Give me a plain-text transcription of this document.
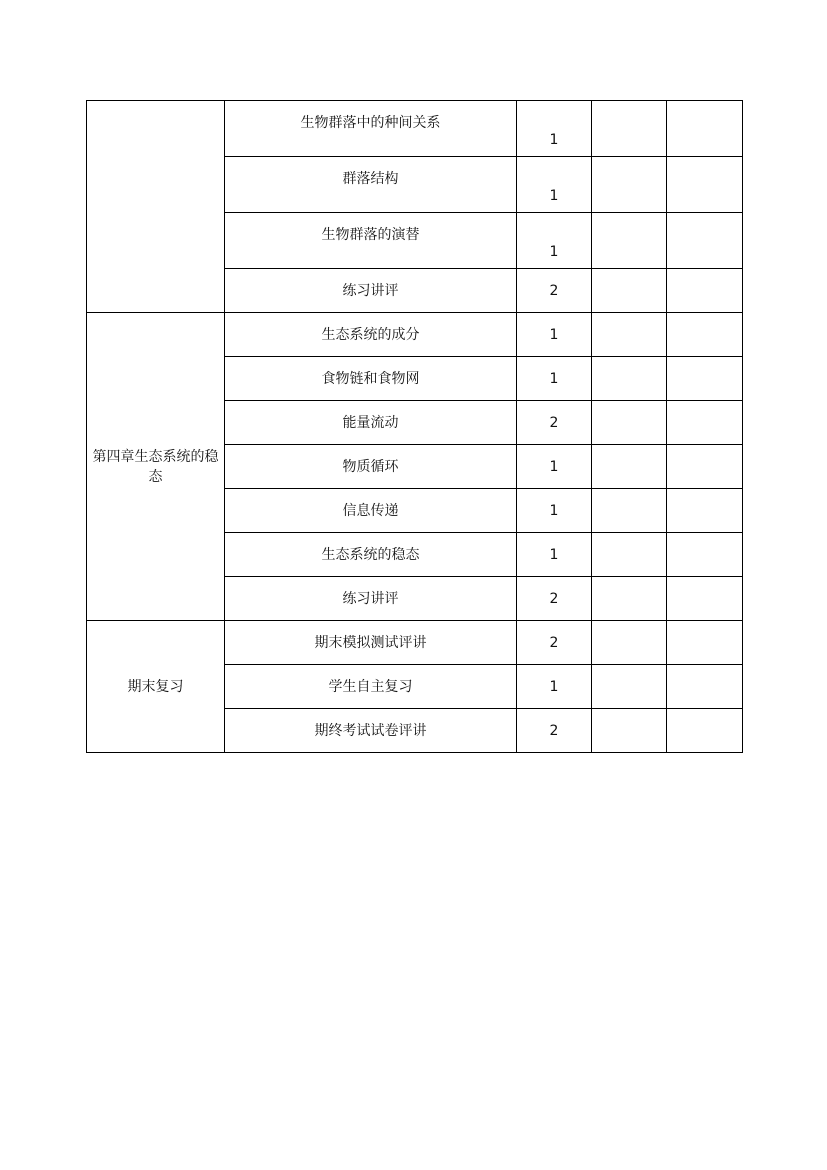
	生物群落中的种间关系	1		
	群落结构	1		
	生物群落的演替	1		
	练习讲评	2		
第四章生态系统的稳态	生态系统的成分	1		
	食物链和食物网	1		
	能量流动	2		
	物质循环	1		
	信息传递	1		
	生态系统的稳态	1		
	练习讲评	2		
期末复习	期末模拟测试评讲	2		
	学生自主复习	1		
	期终考试试卷评讲	2		
